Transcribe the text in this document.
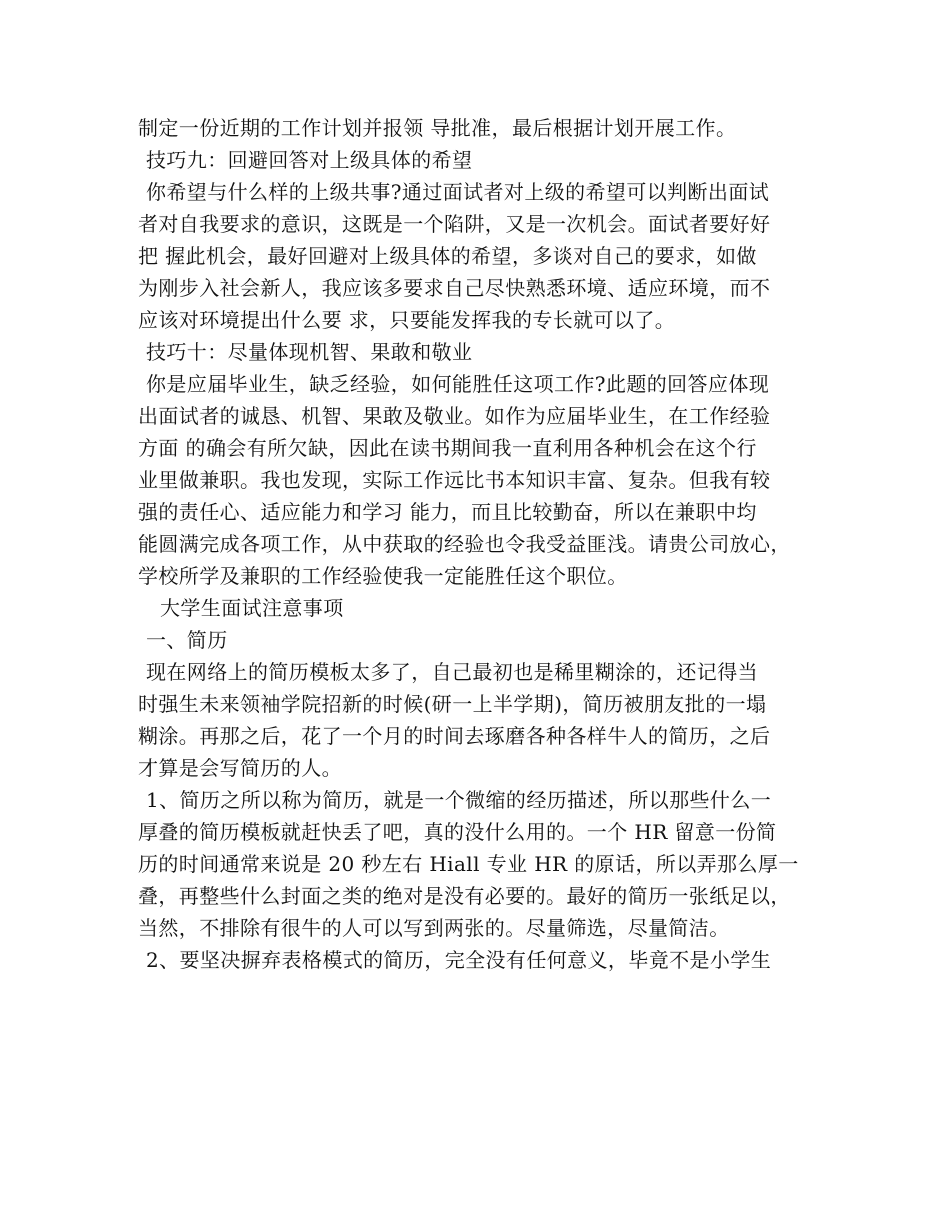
制定一份近期的工作计划并报领 导批准，最后根据计划开展工作。
技巧九：回避回答对上级具体的希望
你希望与什么样的上级共事?通过面试者对上级的希望可以判断出面试
者对自我要求的意识，这既是一个陷阱，又是一次机会。面试者要好好
把 握此机会，最好回避对上级具体的希望，多谈对自己的要求，如做
为刚步入社会新人，我应该多要求自己尽快熟悉环境、适应环境，而不
应该对环境提出什么要 求，只要能发挥我的专长就可以了。
技巧十：尽量体现机智、果敢和敬业
你是应届毕业生，缺乏经验，如何能胜任这项工作?此题的回答应体现
出面试者的诚恳、机智、果敢及敬业。如作为应届毕业生，在工作经验
方面 的确会有所欠缺，因此在读书期间我一直利用各种机会在这个行
业里做兼职。我也发现，实际工作远比书本知识丰富、复杂。但我有较
强的责任心、适应能力和学习 能力，而且比较勤奋，所以在兼职中均
能圆满完成各项工作，从中获取的经验也令我受益匪浅。请贵公司放心，
学校所学及兼职的工作经验使我一定能胜任这个职位。
大学生面试注意事项
一、简历
现在网络上的简历模板太多了，自己最初也是稀里糊涂的，还记得当
时强生未来领袖学院招新的时候(研一上半学期)，简历被朋友批的一塌
糊涂。再那之后，花了一个月的时间去琢磨各种各样牛人的简历，之后
才算是会写简历的人。
1、简历之所以称为简历，就是一个微缩的经历描述，所以那些什么一
厚叠的简历模板就赶快丢了吧，真的没什么用的。一个 HR 留意一份简
历的时间通常来说是 20 秒左右 Hiall 专业 HR 的原话，所以弄那么厚一
叠，再整些什么封面之类的绝对是没有必要的。最好的简历一张纸足以，
当然，不排除有很牛的人可以写到两张的。尽量筛选，尽量简洁。
2、要坚决摒弃表格模式的简历，完全没有任何意义，毕竟不是小学生
